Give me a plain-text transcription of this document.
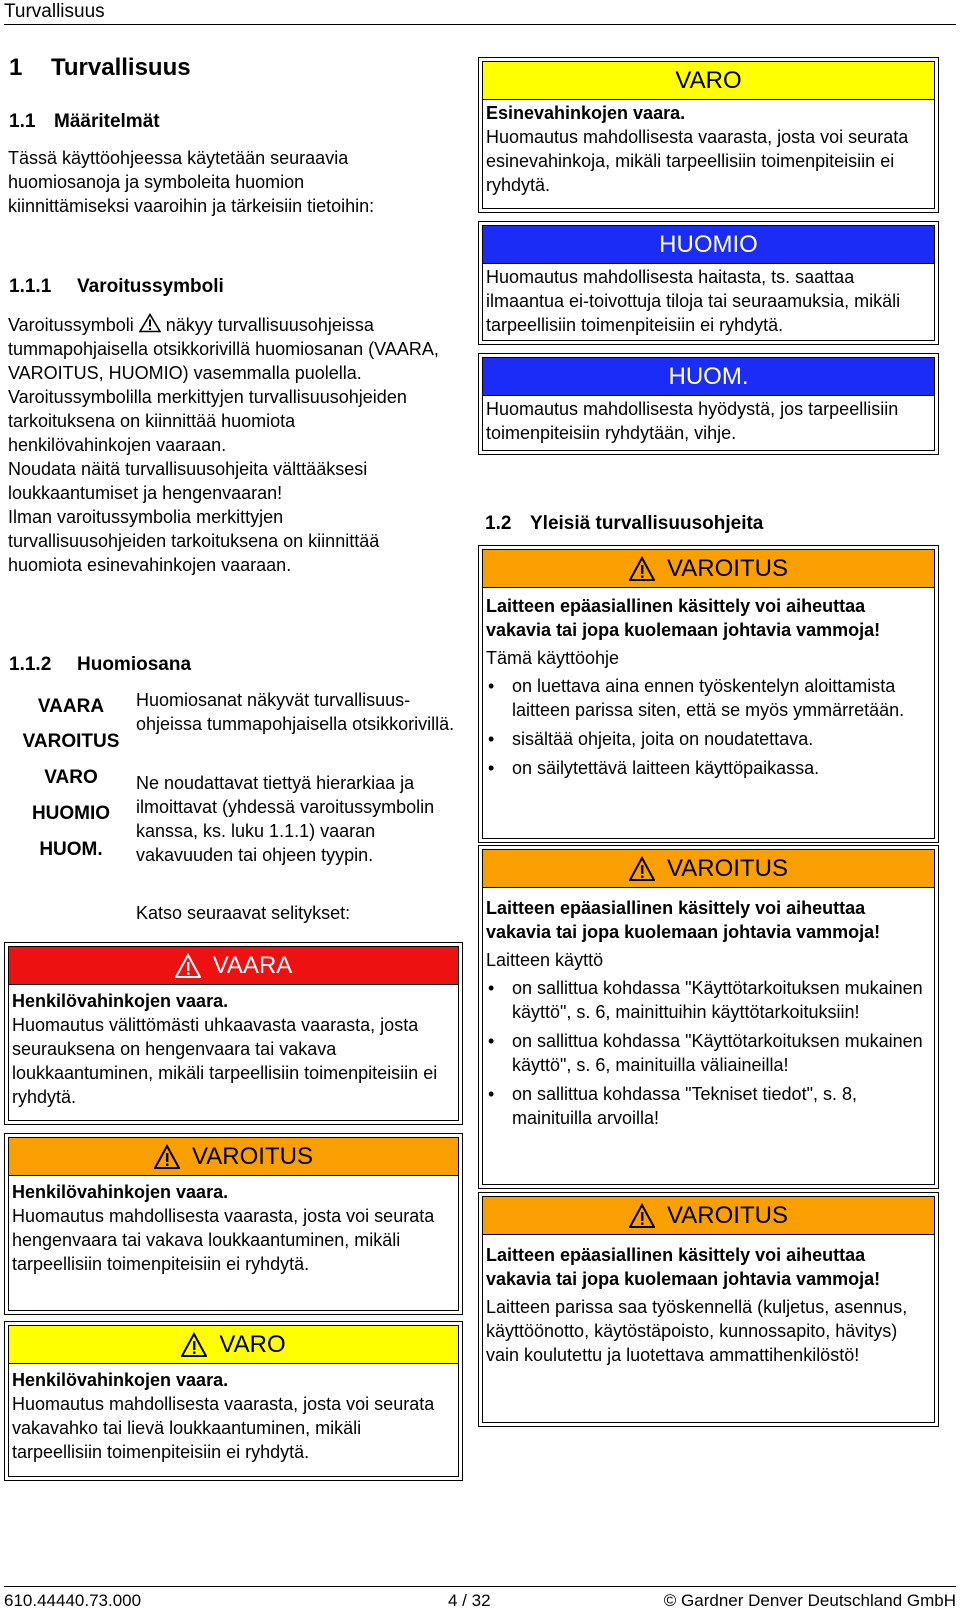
Turvallisuus
1 Turvallisuus
1.1 Määritelmät

Tässä käyttöohjeessa käytetään seuraavia huomiosanoja ja symboleita huomion kiinnittämiseksi vaaroihin ja tärkeisiin tietoihin:

1.1.1 Varoitussymboli

Varoitussymboli näkyy turvallisuusohjeissa tummapohjaisella otsikkorivillä huomiosanan (VAARA, VAROITUS, HUOMIO) vasemmalla puolella.

Varoitussymbolilla merkittyjen turvallisuusohjeiden tarkoituksena on kiinnittää huomiota henkilövahinkojen vaaraan.

Noudata näitä turvallisuusohjeita välttääksesi loukkaantumiset ja hengenvaaran!

Ilman varoitussymbolia merkittyjen turvallisuusohjeiden tarkoituksena on kiinnittää huomiota esinevahinkojen vaaraan.

1.1.2 Huomiosana
VAARA
VAROITUS
VARO
HUOMIO
HUOM.

Huomiosanat näkyvät turvallisuus-ohjeissa tummapohjaisella otsikkorivillä.

Ne noudattavat tiettyä hierarkiaa ja ilmoittavat (yhdessä varoitussymbolin kanssa, ks. luku 1.1.1) vaaran vakavuuden tai ohjeen tyypin.

Katso seuraavat selitykset:

VAARA
Henkilövahinkojen vaara.

Huomautus välittömästi uhkaavasta vaarasta, josta seurauksena on hengenvaara tai vakava loukkaantuminen, mikäli tarpeellisiin toimenpiteisiin ei ryhdytä.

VAROITUS
Henkilövahinkojen vaara.

Huomautus mahdollisesta vaarasta, josta voi seurata hengenvaara tai vakava loukkaantuminen, mikäli tarpeellisiin toimenpiteisiin ei ryhdytä.

VARO
Henkilövahinkojen vaara.

Huomautus mahdollisesta vaarasta, josta voi seurata vakavahko tai lievä loukkaantuminen, mikäli tarpeellisiin toimenpiteisiin ei ryhdytä.

VARO
Esinevahinkojen vaara.

Huomautus mahdollisesta vaarasta, josta voi seurata esinevahinkoja, mikäli tarpeellisiin toimenpiteisiin ei ryhdytä.

HUOMIO

Huomautus mahdollisesta haitasta, ts. saattaa ilmaantua ei-toivottuja tiloja tai seuraamuksia, mikäli tarpeellisiin toimenpiteisiin ei ryhdytä.

HUOM.

Huomautus mahdollisesta hyödystä, jos tarpeellisiin toimenpiteisiin ryhdytään, vihje.

1.2 Yleisiä turvallisuusohjeita
VAROITUS
Laitteen epäasiallinen käsittely voi aiheuttaa vakavia tai jopa kuolemaan johtavia vammoja!

Tämä käyttöohje

• on luettava aina ennen työskentelyn aloittamista laitteen parissa siten, että se myös ymmärretään.
• sisältää ohjeita, joita on noudatettava.
• on säilytettävä laitteen käyttöpaikassa.
VAROITUS
Laitteen epäasiallinen käsittely voi aiheuttaa vakavia tai jopa kuolemaan johtavia vammoja!

Laitteen käyttö

• on sallittua kohdassa "Käyttötarkoituksen mukainen käyttö", s. 6, mainittuihin käyttötarkoituksiin!
• on sallittua kohdassa "Käyttötarkoituksen mukainen käyttö", s. 6, mainituilla väliaineilla!
• on sallittua kohdassa "Tekniset tiedot", s. 8, mainituilla arvoilla!
VAROITUS
Laitteen epäasiallinen käsittely voi aiheuttaa vakavia tai jopa kuolemaan johtavia vammoja!

Laitteen parissa saa työskennellä (kuljetus, asennus, käyttöönotto, käytöstäpoisto, kunnossapito, hävitys) vain koulutettu ja luotettava ammattihenkilöstö!

610.44440.73.000	4 / 32	© Gardner Denver Deutschland GmbH
